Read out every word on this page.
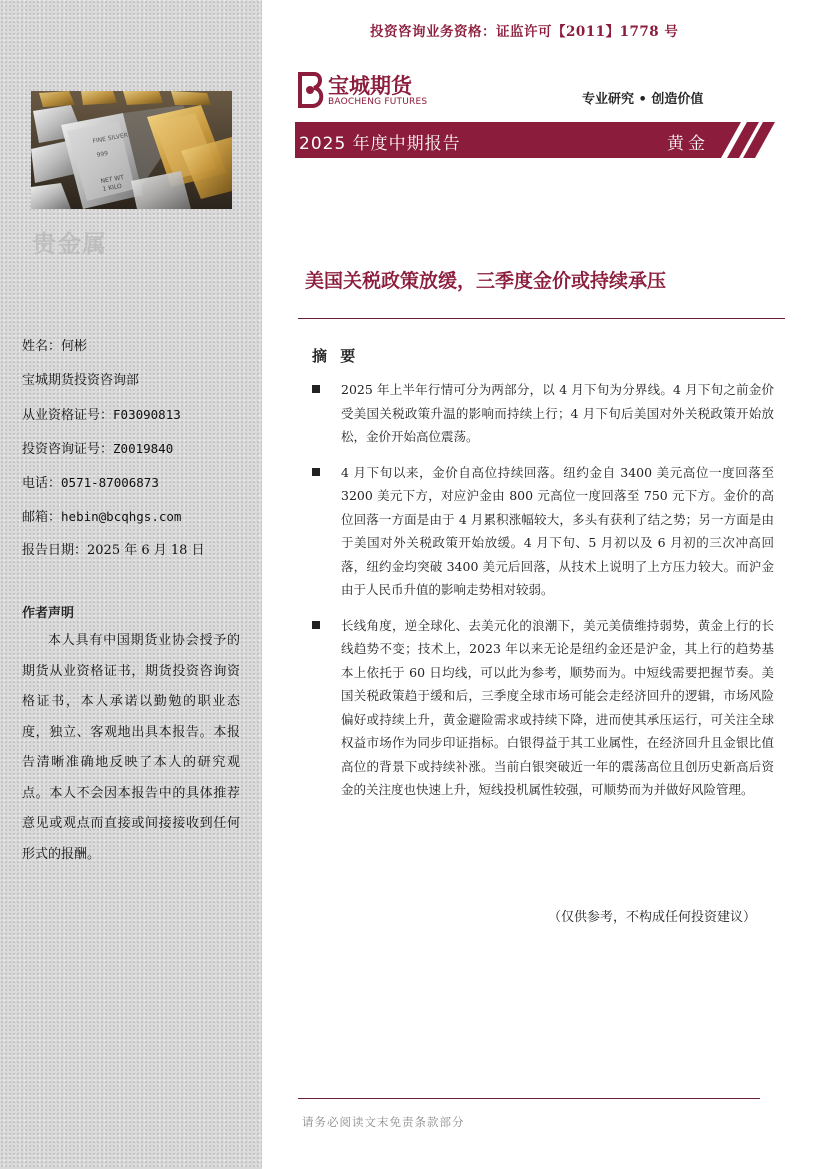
FINE SILVER
999
NET WT
1 KILO
贵金属
姓名：何彬
宝城期货投资咨询部
从业资格证号：F03090813
投资咨询证号：Z0019840
电话：0571-87006873
邮箱：hebin@bcqhgs.com
报告日期：2025 年 6 月 18 日
作者声明
本人具有中国期货业协会授予的期货从业资格证书，期货投资咨询资格证书，本人承诺以勤勉的职业态度，独立、客观地出具本报告。本报告清晰准确地反映了本人的研究观点。本人不会因本报告中的具体推荐意见或观点而直接或间接接收到任何形式的报酬。
投资咨询业务资格：证监许可【2011】1778 号
宝城期货
BAOCHENG FUTURES	专业研究 • 创造价值
2025 年度中期报告	黄金
美国关税政策放缓，三季度金价或持续承压
摘 要
2025 年上半年行情可分为两部分，以 4 月下旬为分界线。4 月下旬之前金价受美国关税政策升温的影响而持续上行；4 月下旬后美国对外关税政策开始放松，金价开始高位震荡。
4 月下旬以来，金价自高位持续回落。纽约金自 3400 美元高位一度回落至 3200 美元下方，对应沪金由 800 元高位一度回落至 750 元下方。金价的高位回落一方面是由于 4 月累积涨幅较大，多头有获利了结之势；另一方面是由于美国对外关税政策开始放缓。4 月下旬、5 月初以及 6 月初的三次冲高回落，纽约金均突破 3400 美元后回落，从技术上说明了上方压力较大。而沪金由于人民币升值的影响走势相对较弱。
长线角度，逆全球化、去美元化的浪潮下，美元美债维持弱势，黄金上行的长线趋势不变；技术上，2023 年以来无论是纽约金还是沪金，其上行的趋势基本上依托于 60 日均线，可以此为参考，顺势而为。中短线需要把握节奏。美国关税政策趋于缓和后，三季度全球市场可能会走经济回升的逻辑，市场风险偏好或持续上升，黄金避险需求或持续下降，进而使其承压运行，可关注全球权益市场作为同步印证指标。白银得益于其工业属性，在经济回升且金银比值高位的背景下或持续补涨。当前白银突破近一年的震荡高位且创历史新高后资金的关注度也快速上升，短线投机属性较强，可顺势而为并做好风险管理。
（仅供参考，不构成任何投资建议）
请务必阅读文末免责条款部分
